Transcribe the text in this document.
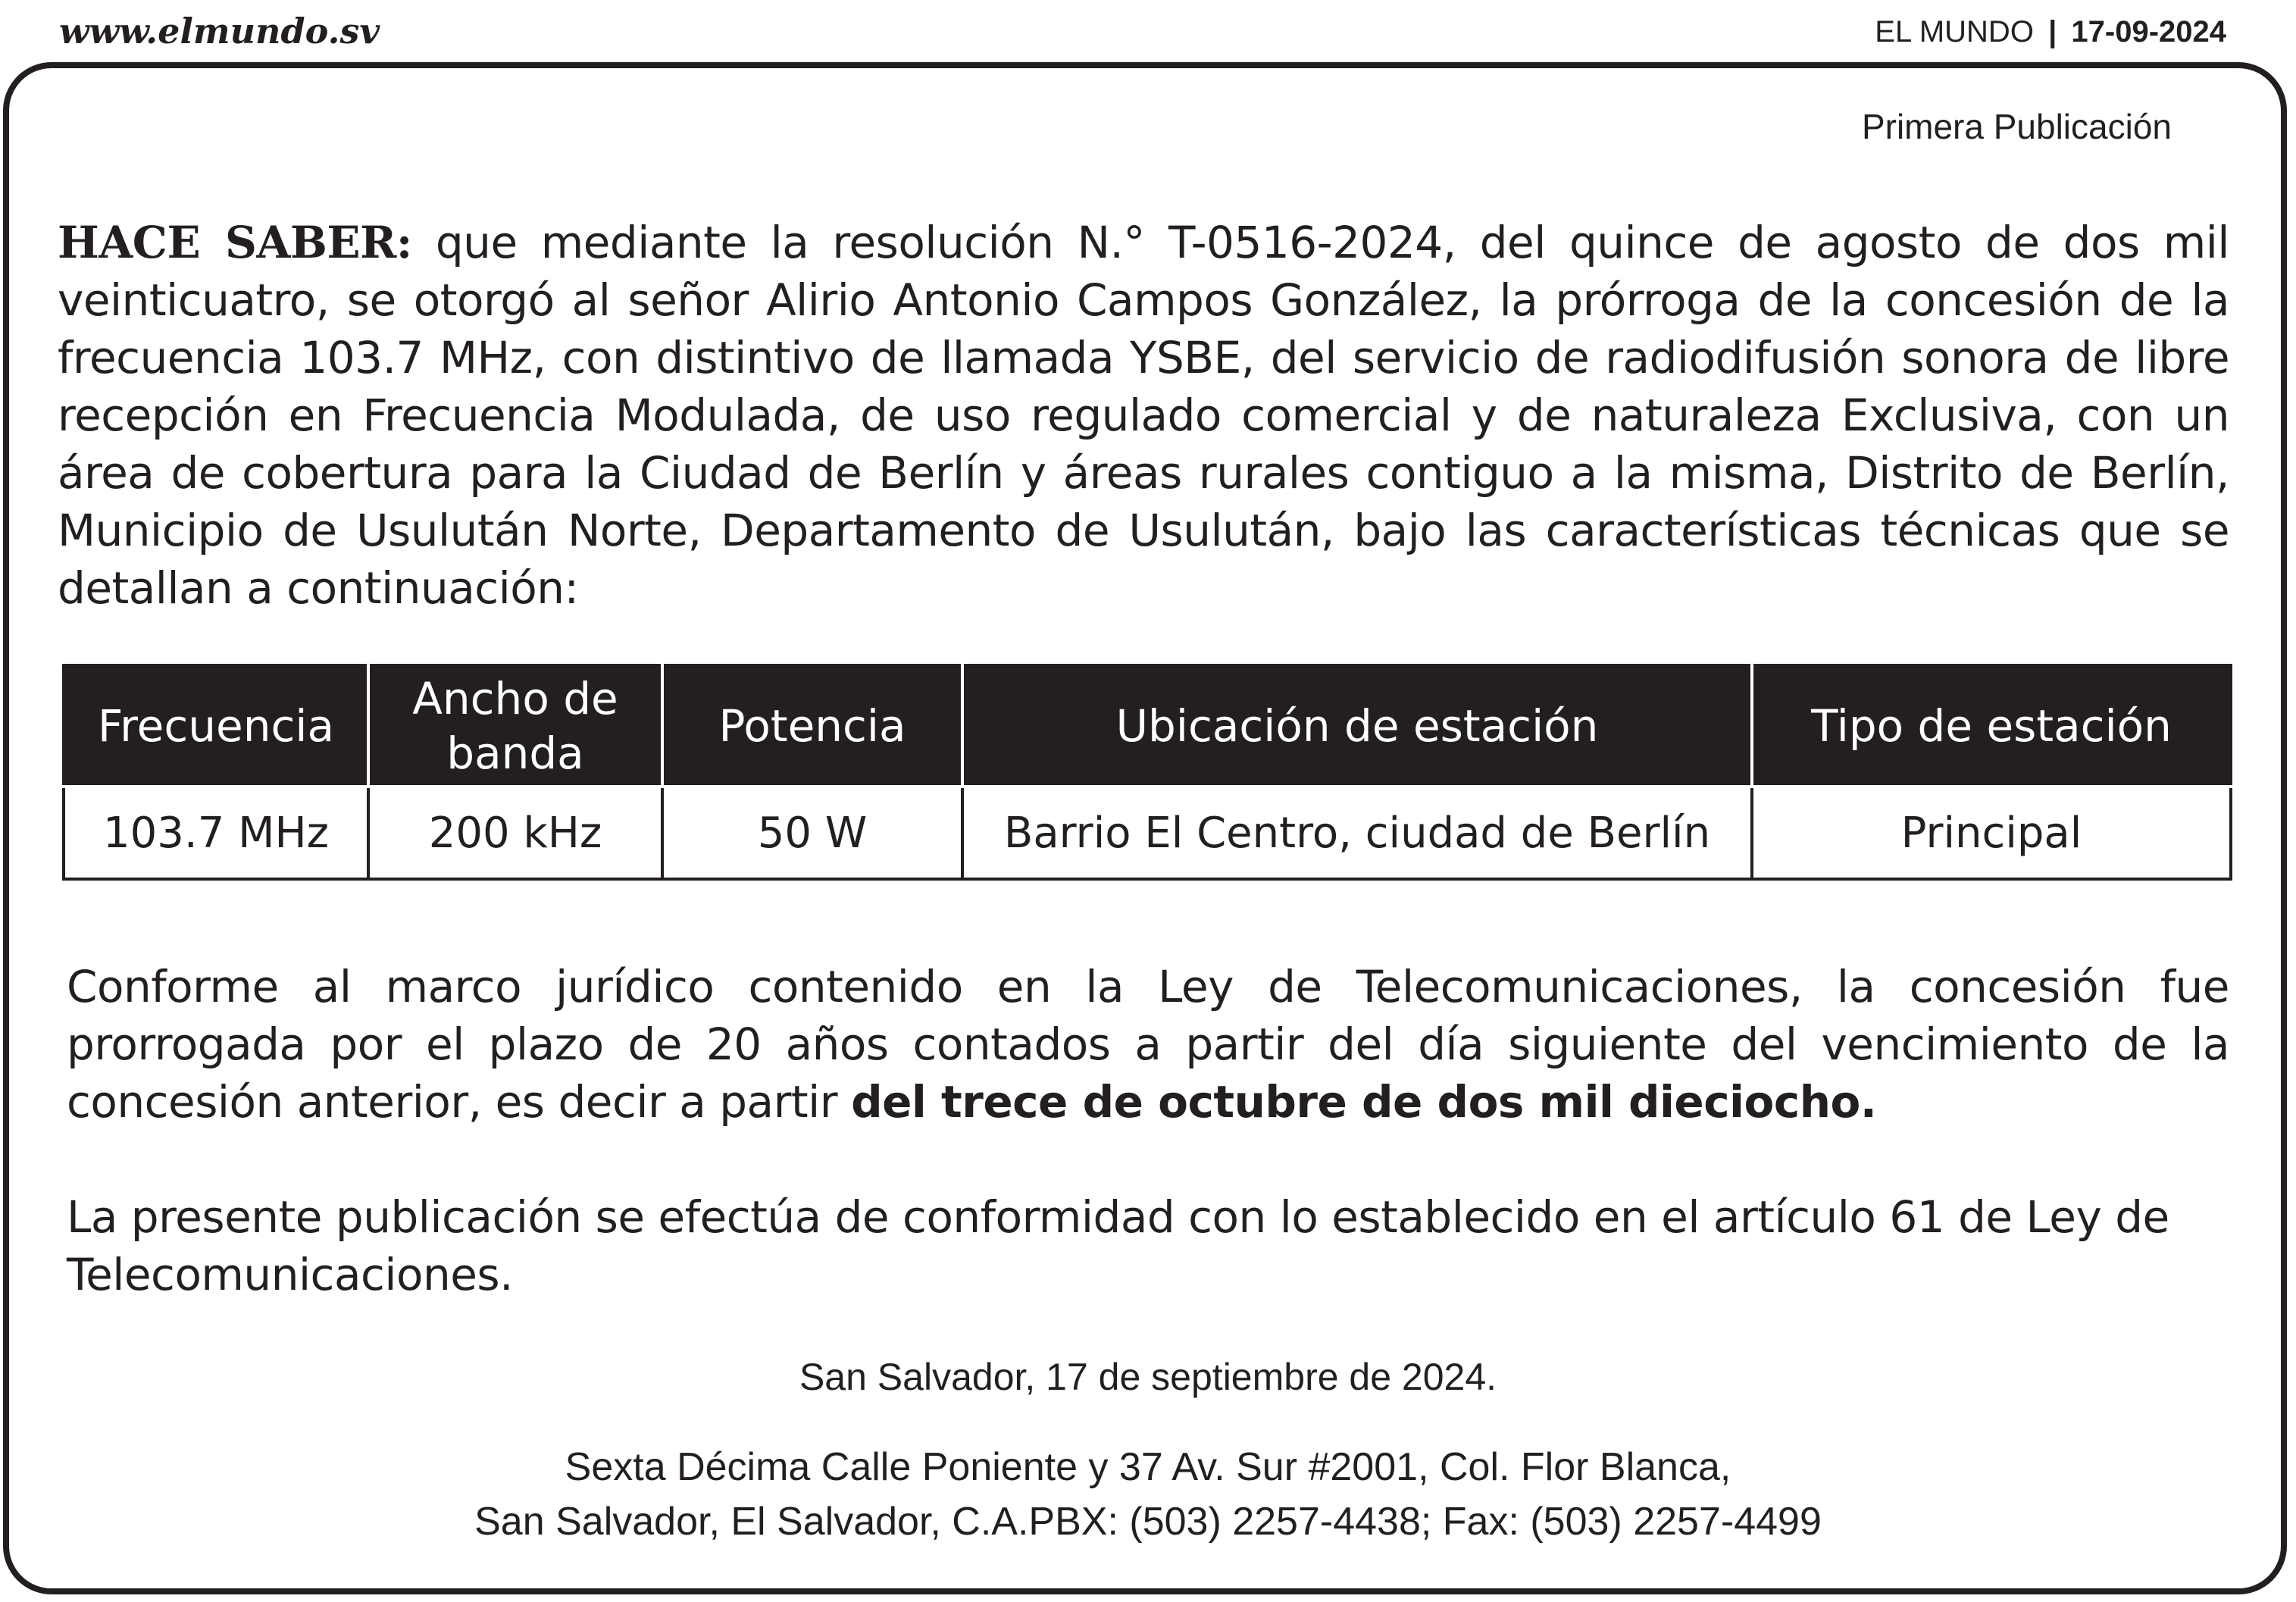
www.elmundo.sv	EL MUNDO | 17-09-2024
Primera Publicación
HACE SABER: que mediante la resolución N.° T-0516-2024, del quince de agosto de dos mil veinticuatro, se otorgó al señor Alirio Antonio Campos González, la prórroga de la concesión de la frecuencia 103.7 MHz, con distintivo de llamada YSBE, del servicio de radiodifusión sonora de libre recepción en Frecuencia Modulada, de uso regulado comercial y de naturaleza Exclusiva, con un área de cobertura para la Ciudad de Berlín y áreas rurales contiguo a la misma, Distrito de Berlín, Municipio de Usulután Norte, Departamento de Usulután, bajo las características técnicas que se detallan a continuación:
Frecuencia	Ancho de banda	Potencia	Ubicación de estación	Tipo de estación
103.7 MHz	200 kHz	50 W	Barrio El Centro, ciudad de Berlín	Principal
Conforme al marco jurídico contenido en la Ley de Telecomunicaciones, la concesión fue prorrogada por el plazo de 20 años contados a partir del día siguiente del vencimiento de la concesión anterior, es decir a partir del trece de octubre de dos mil dieciocho.
La presente publicación se efectúa de conformidad con lo establecido en el artículo 61 de Ley de Telecomunicaciones.
San Salvador, 17 de septiembre de 2024.
Sexta Décima Calle Poniente y 37 Av. Sur #2001, Col. Flor Blanca,
San Salvador, El Salvador, C.A.PBX: (503) 2257-4438; Fax: (503) 2257-4499
